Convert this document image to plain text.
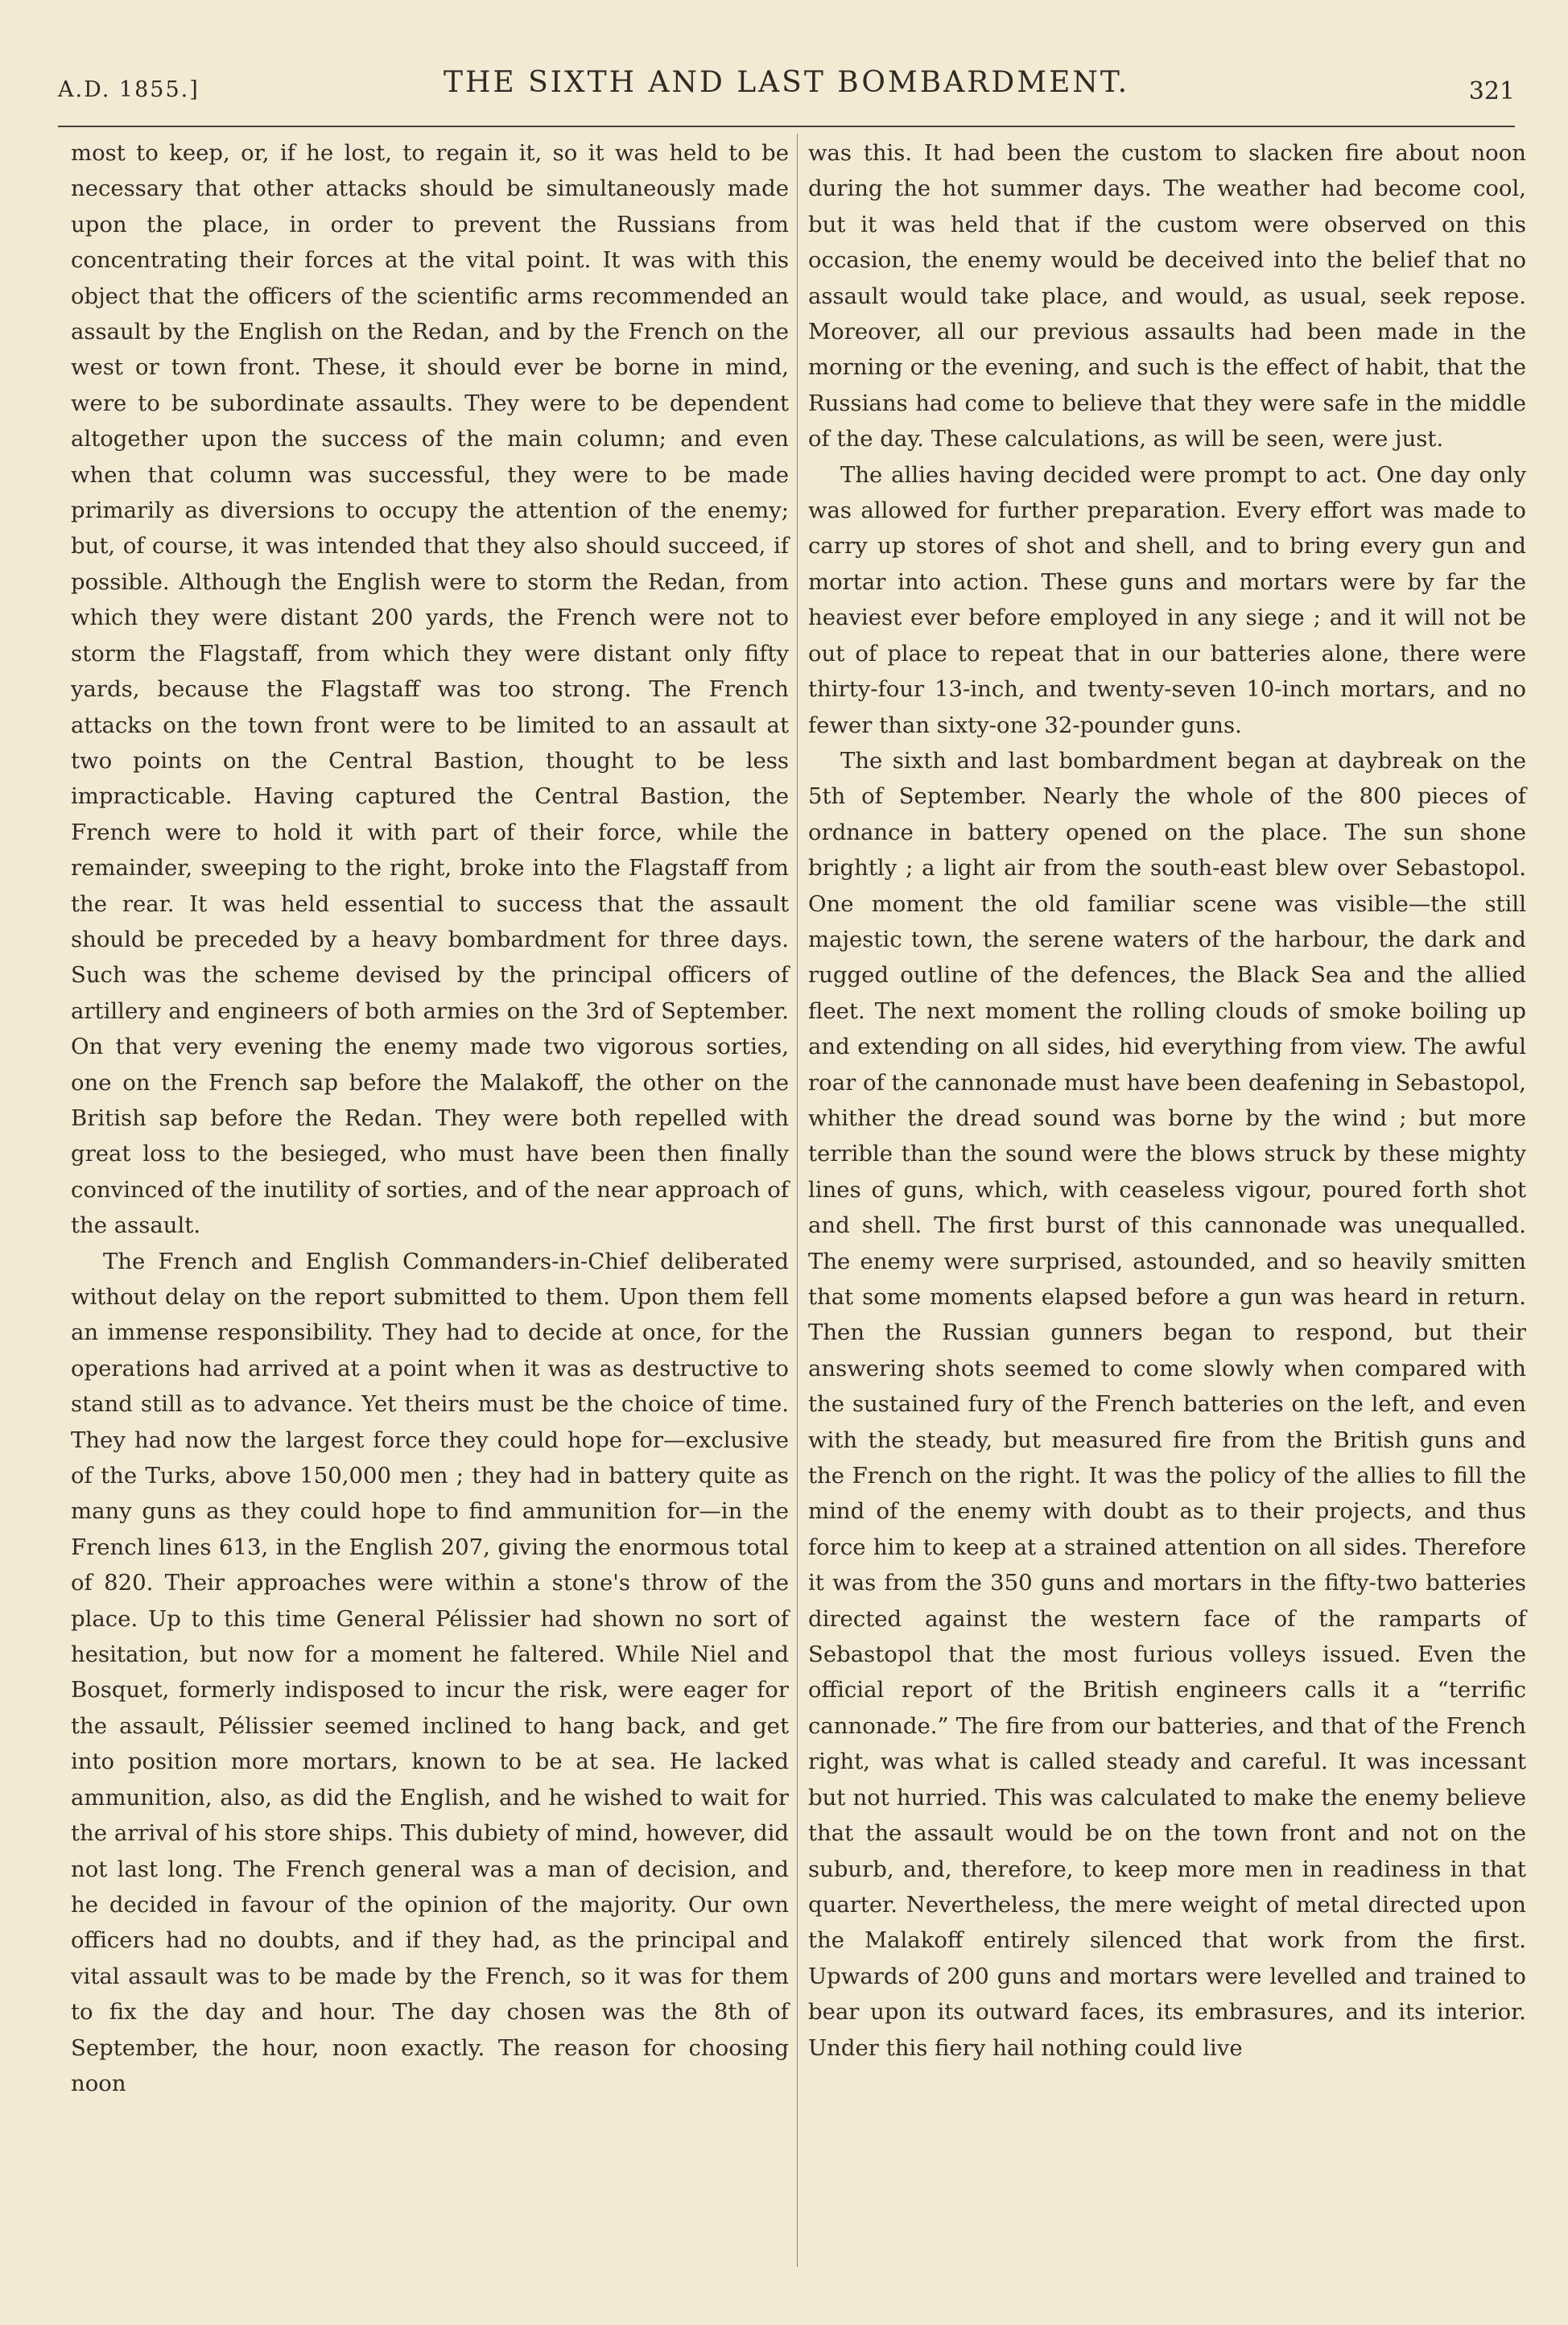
A.D. 1855.]	THE SIXTH AND LAST BOMBARDMENT.	321

most to keep, or, if he lost, to regain it, so it was held to be necessary that other attacks should be simultaneously made upon the place, in order to prevent the Russians from concentrating their forces at the vital point. It was with this object that the officers of the scientific arms recommended an assault by the English on the Redan, and by the French on the west or town front. These, it should ever be borne in mind, were to be subordinate assaults. They were to be dependent altogether upon the success of the main column; and even when that column was successful, they were to be made primarily as diversions to occupy the attention of the enemy; but, of course, it was intended that they also should succeed, if possible. Although the English were to storm the Redan, from which they were distant 200 yards, the French were not to storm the Flagstaff, from which they were distant only fifty yards, because the Flagstaff was too strong. The French attacks on the town front were to be limited to an assault at two points on the Central Bastion, thought to be less impracticable. Having captured the Central Bastion, the French were to hold it with part of their force, while the remainder, sweeping to the right, broke into the Flagstaff from the rear. It was held essential to success that the assault should be preceded by a heavy bombardment for three days. Such was the scheme devised by the principal officers of artillery and engineers of both armies on the 3rd of September. On that very evening the enemy made two vigorous sorties, one on the French sap before the Malakoff, the other on the British sap before the Redan. They were both repelled with great loss to the besieged, who must have been then finally convinced of the inutility of sorties, and of the near approach of the assault.

The French and English Commanders-in-Chief deliberated without delay on the report submitted to them. Upon them fell an immense responsibility. They had to decide at once, for the operations had arrived at a point when it was as destructive to stand still as to advance. Yet theirs must be the choice of time. They had now the largest force they could hope for—exclusive of the Turks, above 150,000 men ; they had in battery quite as many guns as they could hope to find ammunition for—in the French lines 613, in the English 207, giving the enormous total of 820. Their approaches were within a stone's throw of the place. Up to this time General Pélissier had shown no sort of hesitation, but now for a moment he faltered. While Niel and Bosquet, formerly indisposed to incur the risk, were eager for the assault, Pélissier seemed inclined to hang back, and get into position more mortars, known to be at sea. He lacked ammunition, also, as did the English, and he wished to wait for the arrival of his store ships. This dubiety of mind, however, did not last long. The French general was a man of decision, and he decided in favour of the opinion of the majority. Our own officers had no doubts, and if they had, as the principal and vital assault was to be made by the French, so it was for them to fix the day and hour. The day chosen was the 8th of September, the hour, noon exactly. The reason for choosing noon

was this. It had been the custom to slacken fire about noon during the hot summer days. The weather had become cool, but it was held that if the custom were observed on this occasion, the enemy would be deceived into the belief that no assault would take place, and would, as usual, seek repose. Moreover, all our previous assaults had been made in the morning or the evening, and such is the effect of habit, that the Russians had come to believe that they were safe in the middle of the day. These calculations, as will be seen, were just.

The allies having decided were prompt to act. One day only was allowed for further preparation. Every effort was made to carry up stores of shot and shell, and to bring every gun and mortar into action. These guns and mortars were by far the heaviest ever before employed in any siege ; and it will not be out of place to repeat that in our batteries alone, there were thirty-four 13-inch, and twenty-seven 10-inch mortars, and no fewer than sixty-one 32-pounder guns.

The sixth and last bombardment began at daybreak on the 5th of September. Nearly the whole of the 800 pieces of ordnance in battery opened on the place. The sun shone brightly ; a light air from the south-east blew over Sebastopol. One moment the old familiar scene was visible—the still majestic town, the serene waters of the harbour, the dark and rugged outline of the defences, the Black Sea and the allied fleet. The next moment the rolling clouds of smoke boiling up and extending on all sides, hid everything from view. The awful roar of the cannonade must have been deafening in Sebastopol, whither the dread sound was borne by the wind ; but more terrible than the sound were the blows struck by these mighty lines of guns, which, with ceaseless vigour, poured forth shot and shell. The first burst of this cannonade was unequalled. The enemy were surprised, astounded, and so heavily smitten that some moments elapsed before a gun was heard in return. Then the Russian gunners began to respond, but their answering shots seemed to come slowly when compared with the sustained fury of the French batteries on the left, and even with the steady, but measured fire from the British guns and the French on the right. It was the policy of the allies to fill the mind of the enemy with doubt as to their projects, and thus force him to keep at a strained attention on all sides. Therefore it was from the 350 guns and mortars in the fifty-two batteries directed against the western face of the ramparts of Sebastopol that the most furious volleys issued. Even the official report of the British engineers calls it a “terrific cannonade.” The fire from our batteries, and that of the French right, was what is called steady and careful. It was incessant but not hurried. This was calculated to make the enemy believe that the assault would be on the town front and not on the suburb, and, therefore, to keep more men in readiness in that quarter. Nevertheless, the mere weight of metal directed upon the Malakoff entirely silenced that work from the first. Upwards of 200 guns and mortars were levelled and trained to bear upon its outward faces, its embrasures, and its interior. Under this fiery hail nothing could live
